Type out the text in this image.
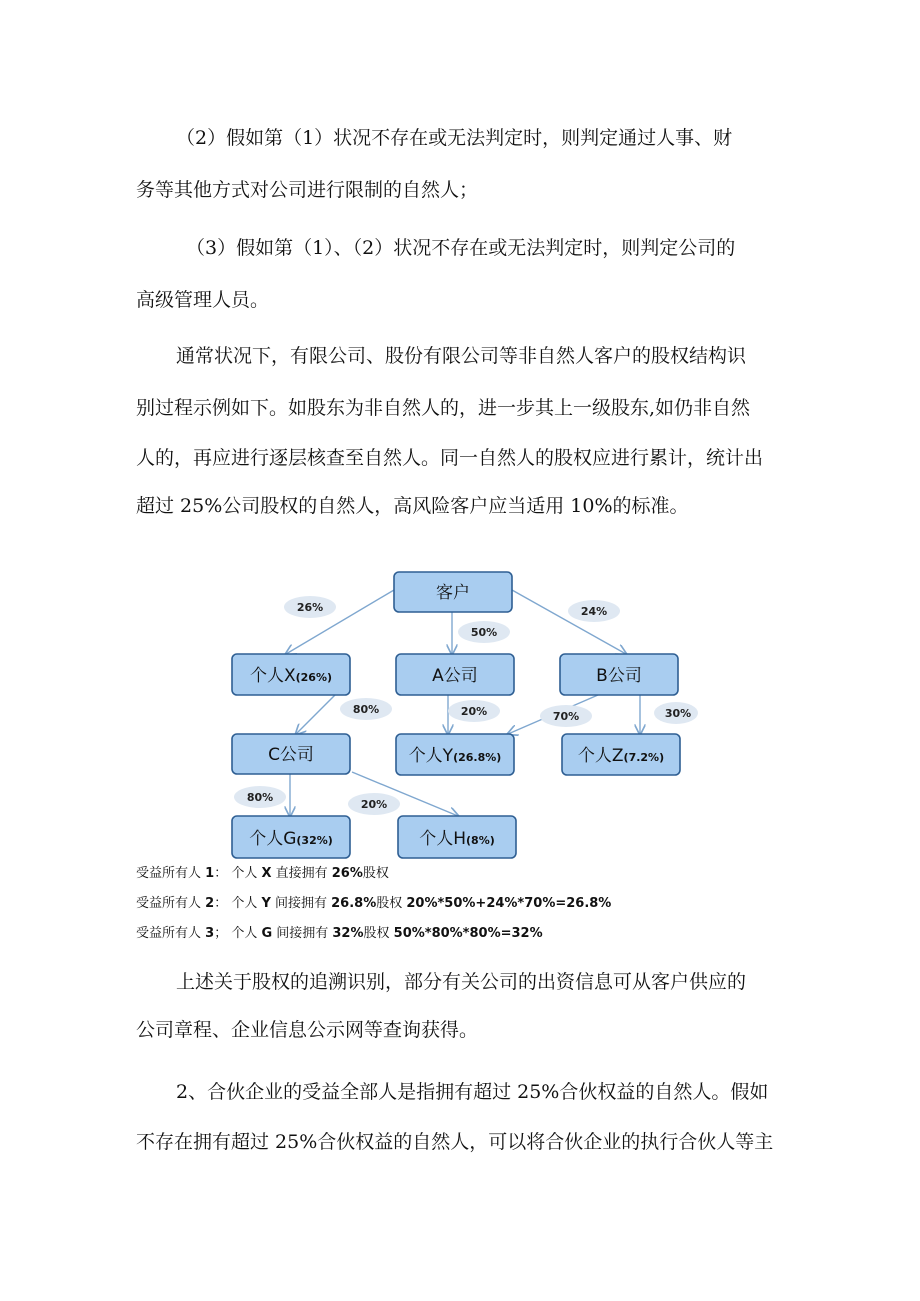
（2）假如第（1）状况不存在或无法判定时，则判定通过人事、财
务等其他方式对公司进行限制的自然人；
（3）假如第（1）、（2）状况不存在或无法判定时，则判定公司的
高级管理人员。
通常状况下，有限公司、股份有限公司等非自然人客户的股权结构识
别过程示例如下。如股东为非自然人的，进一步其上一级股东,如仍非自然
人的，再应进行逐层核查至自然人。同一自然人的股权应进行累计，统计出
超过 25%公司股权的自然人，高风险客户应当适用 10%的标准。
26%
50%
24%
80%	20%	70%	30%
80%
20%
客户
个人X(26%)	A公司	B公司
C公司	个人Y(26.8%)	个人Z(7.2%)
个人G(32%)	个人H(8%)
受益所有人 1： 个人 X 直接拥有 26%股权
受益所有人 2： 个人 Y 间接拥有 26.8%股权 20%*50%+24%*70%=26.8%
受益所有人 3； 个人 G 间接拥有 32%股权 50%*80%*80%=32%
上述关于股权的追溯识别，部分有关公司的出资信息可从客户供应的
公司章程、企业信息公示网等查询获得。
2、合伙企业的受益全部人是指拥有超过 25%合伙权益的自然人。假如
不存在拥有超过 25%合伙权益的自然人，可以将合伙企业的执行合伙人等主
